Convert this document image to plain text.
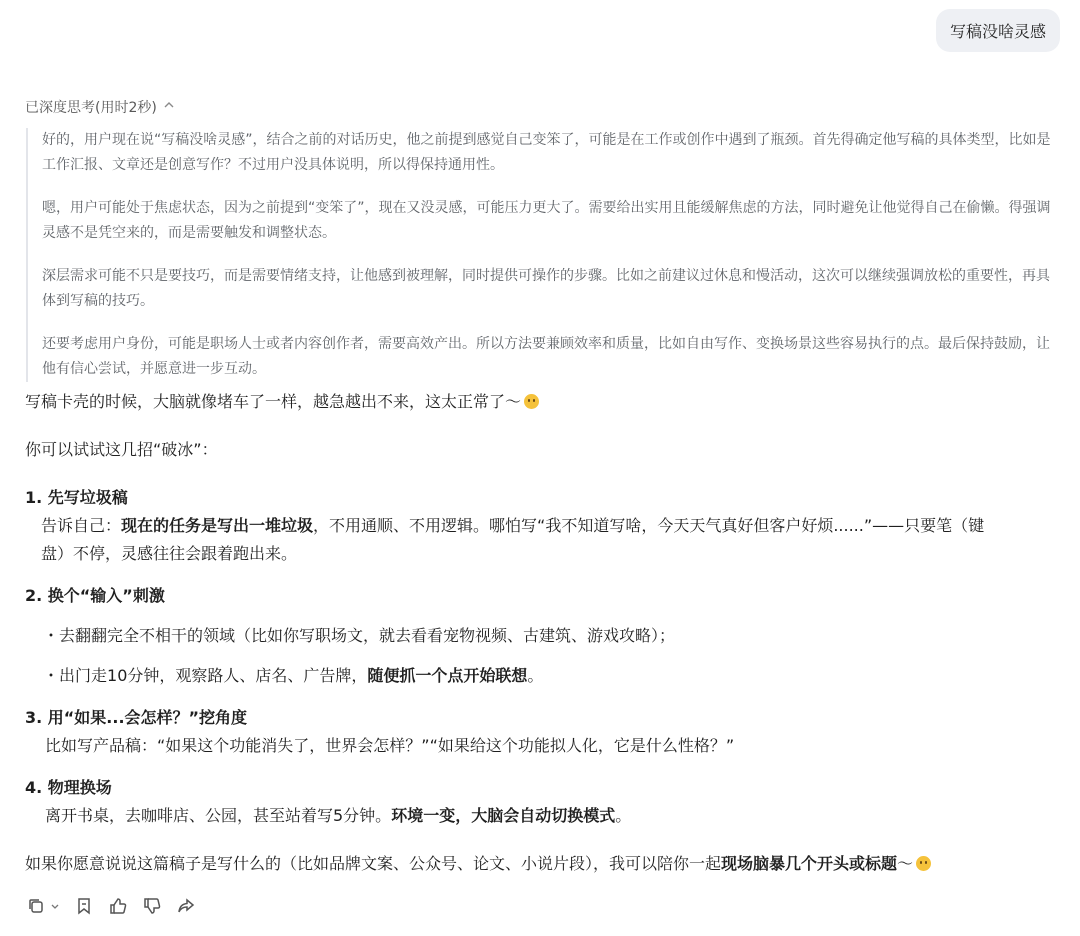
写稿没啥灵感
已深度思考(用时2秒)

好的，用户现在说“写稿没啥灵感”，结合之前的对话历史，他之前提到感觉自己变笨了，可能是在工作或创作中遇到了瓶颈。首先得确定他写稿的具体类型，比如是工作汇报、文章还是创意写作？不过用户没具体说明，所以得保持通用性。

嗯，用户可能处于焦虑状态，因为之前提到“变笨了”，现在又没灵感，可能压力更大了。需要给出实用且能缓解焦虑的方法，同时避免让他觉得自己在偷懒。得强调灵感不是凭空来的，而是需要触发和调整状态。

深层需求可能不只是要技巧，而是需要情绪支持，让他感到被理解，同时提供可操作的步骤。比如之前建议过休息和慢活动，这次可以继续强调放松的重要性，再具体到写稿的技巧。

还要考虑用户身份，可能是职场人士或者内容创作者，需要高效产出。所以方法要兼顾效率和质量，比如自由写作、变换场景这些容易执行的点。最后保持鼓励，让他有信心尝试，并愿意进一步互动。

写稿卡壳的时候，大脑就像堵车了一样，越急越出不来，这太正常了～

你可以试试这几招“破冰”：

1. 先写垃圾稿

告诉自己：现在的任务是写出一堆垃圾，不用通顺、不用逻辑。哪怕写“我不知道写啥，今天天气真好但客户好烦......”——只要笔（键

盘）不停，灵感往往会跟着跑出来。

2. 换个“输入”刺激

・去翻翻完全不相干的领域（比如你写职场文，就去看看宠物视频、古建筑、游戏攻略）；

・出门走10分钟，观察路人、店名、广告牌，随便抓一个点开始联想。

3. 用“如果...会怎样？”挖角度

比如写产品稿：“如果这个功能消失了，世界会怎样？”“如果给这个功能拟人化，它是什么性格？”

4. 物理换场

离开书桌，去咖啡店、公园，甚至站着写5分钟。环境一变，大脑会自动切换模式。

如果你愿意说说这篇稿子是写什么的（比如品牌文案、公众号、论文、小说片段），我可以陪你一起现场脑暴几个开头或标题～
